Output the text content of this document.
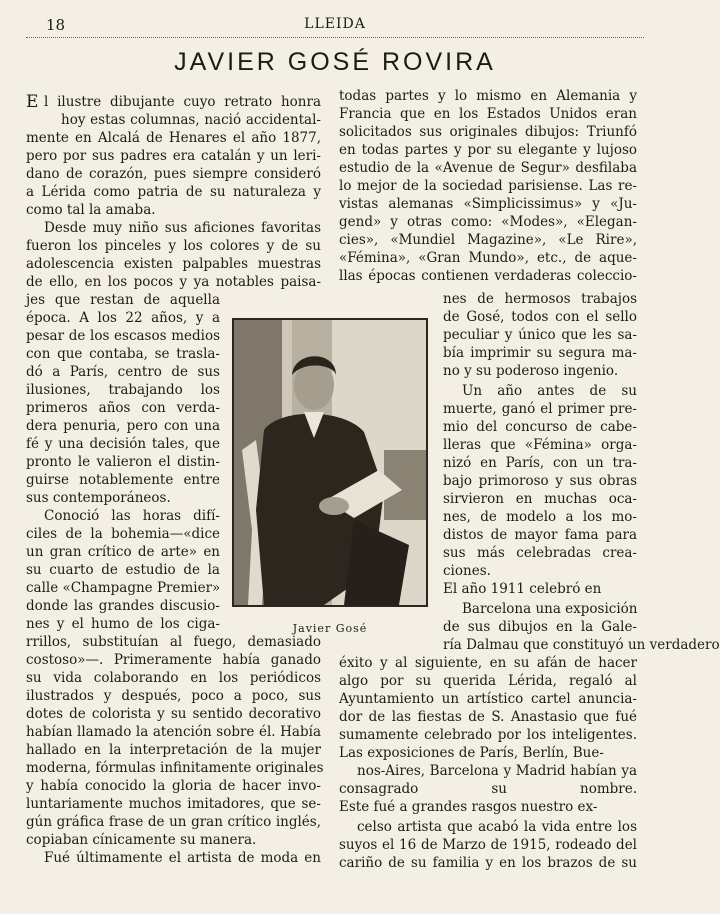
18	LLEIDA
JAVIER GOSÉ ROVIRA
E l ilustre dibujante cuyo retrato honra
hoy estas columnas, nació accidental-
mente en Alcalá de Henares el año 1877,
pero por sus padres era catalán y un leri-
dano de corazón, pues siempre consideró
a Lérida como patria de su naturaleza y
como tal la amaba.
Desde muy niño sus aficiones favoritas
fueron los pinceles y los colores y de su
adolescencia existen palpables muestras
de ello, en los pocos y ya notables paisa-
jes que restan de aquella
época. A los 22 años, y a
pesar de los escasos medios
con que contaba, se trasla-
dó a París, centro de sus
ilusiones, trabajando los
primeros años con verda-
dera penuria, pero con una
fé y una decisión tales, que
pronto le valieron el distin-
guirse notablemente entre
sus contemporáneos.
Conoció las horas difí-
ciles de la bohemia—«dice
un gran crítico de arte» en
su cuarto de estudio de la
calle «Champagne Premier»
donde las grandes discusio-
nes y el humo de los ciga-
rrillos, substituían al fuego, demasiado
costoso»—. Primeramente había ganado
su vida colaborando en los periódicos
ilustrados y después, poco a poco, sus
dotes de colorista y su sentido decorativo
habían llamado la atención sobre él. Había
hallado en la interpretación de la mujer
moderna, fórmulas infinitamente originales
y había conocido la gloria de hacer invo-
luntariamente muchos imitadores, que se-
gún gráfica frase de un gran crítico inglés,
copiaban cínicamente su manera.
Fué últimamente el artista de moda en
todas partes y lo mismo en Alemania y
Francia que en los Estados Unidos eran
solicitados sus originales dibujos: Triunfó
en todas partes y por su elegante y lujoso
estudio de la «Avenue de Segur» desfilaba
lo mejor de la sociedad parisiense. Las re-
vistas alemanas «Simplicissimus» y «Ju-
gend» y otras como: «Modes», «Elegan-
cies», «Mundiel Magazine», «Le Rire»,
«Fémina», «Gran Mundo», etc., de aque-
llas épocas contienen verdaderas coleccio-
nes de hermosos trabajos
de Gosé, todos con el sello
peculiar y único que les sa-
bía imprimir su segura ma-
no y su poderoso ingenio.
Un año antes de su
muerte, ganó el primer pre-
mio del concurso de cabe-
lleras que «Fémina» orga-
nizó en París, con un tra-
bajo primoroso y sus obras
sirvieron en muchas oca-
nes, de modelo a los mo-
distos de mayor fama para
sus más celebradas crea-
ciones.
El año 1911 celebró en
Barcelona una exposición
de sus dibujos en la Gale-
ría Dalmau que constituyó un verdadero
éxito y al siguiente, en su afán de hacer
algo por su querida Lérida, regaló al
Ayuntamiento un artístico cartel anuncia-
dor de las fiestas de S. Anastasio que fué
sumamente celebrado por los inteligentes.
Las exposiciones de París, Berlín, Bue-
nos-Aires, Barcelona y Madrid habían ya
consagrado su nombre.
Este fué a grandes rasgos nuestro ex-
celso artista que acabó la vida entre los
suyos el 16 de Marzo de 1915, rodeado del
cariño de su familia y en los brazos de su
Javier Gosé
